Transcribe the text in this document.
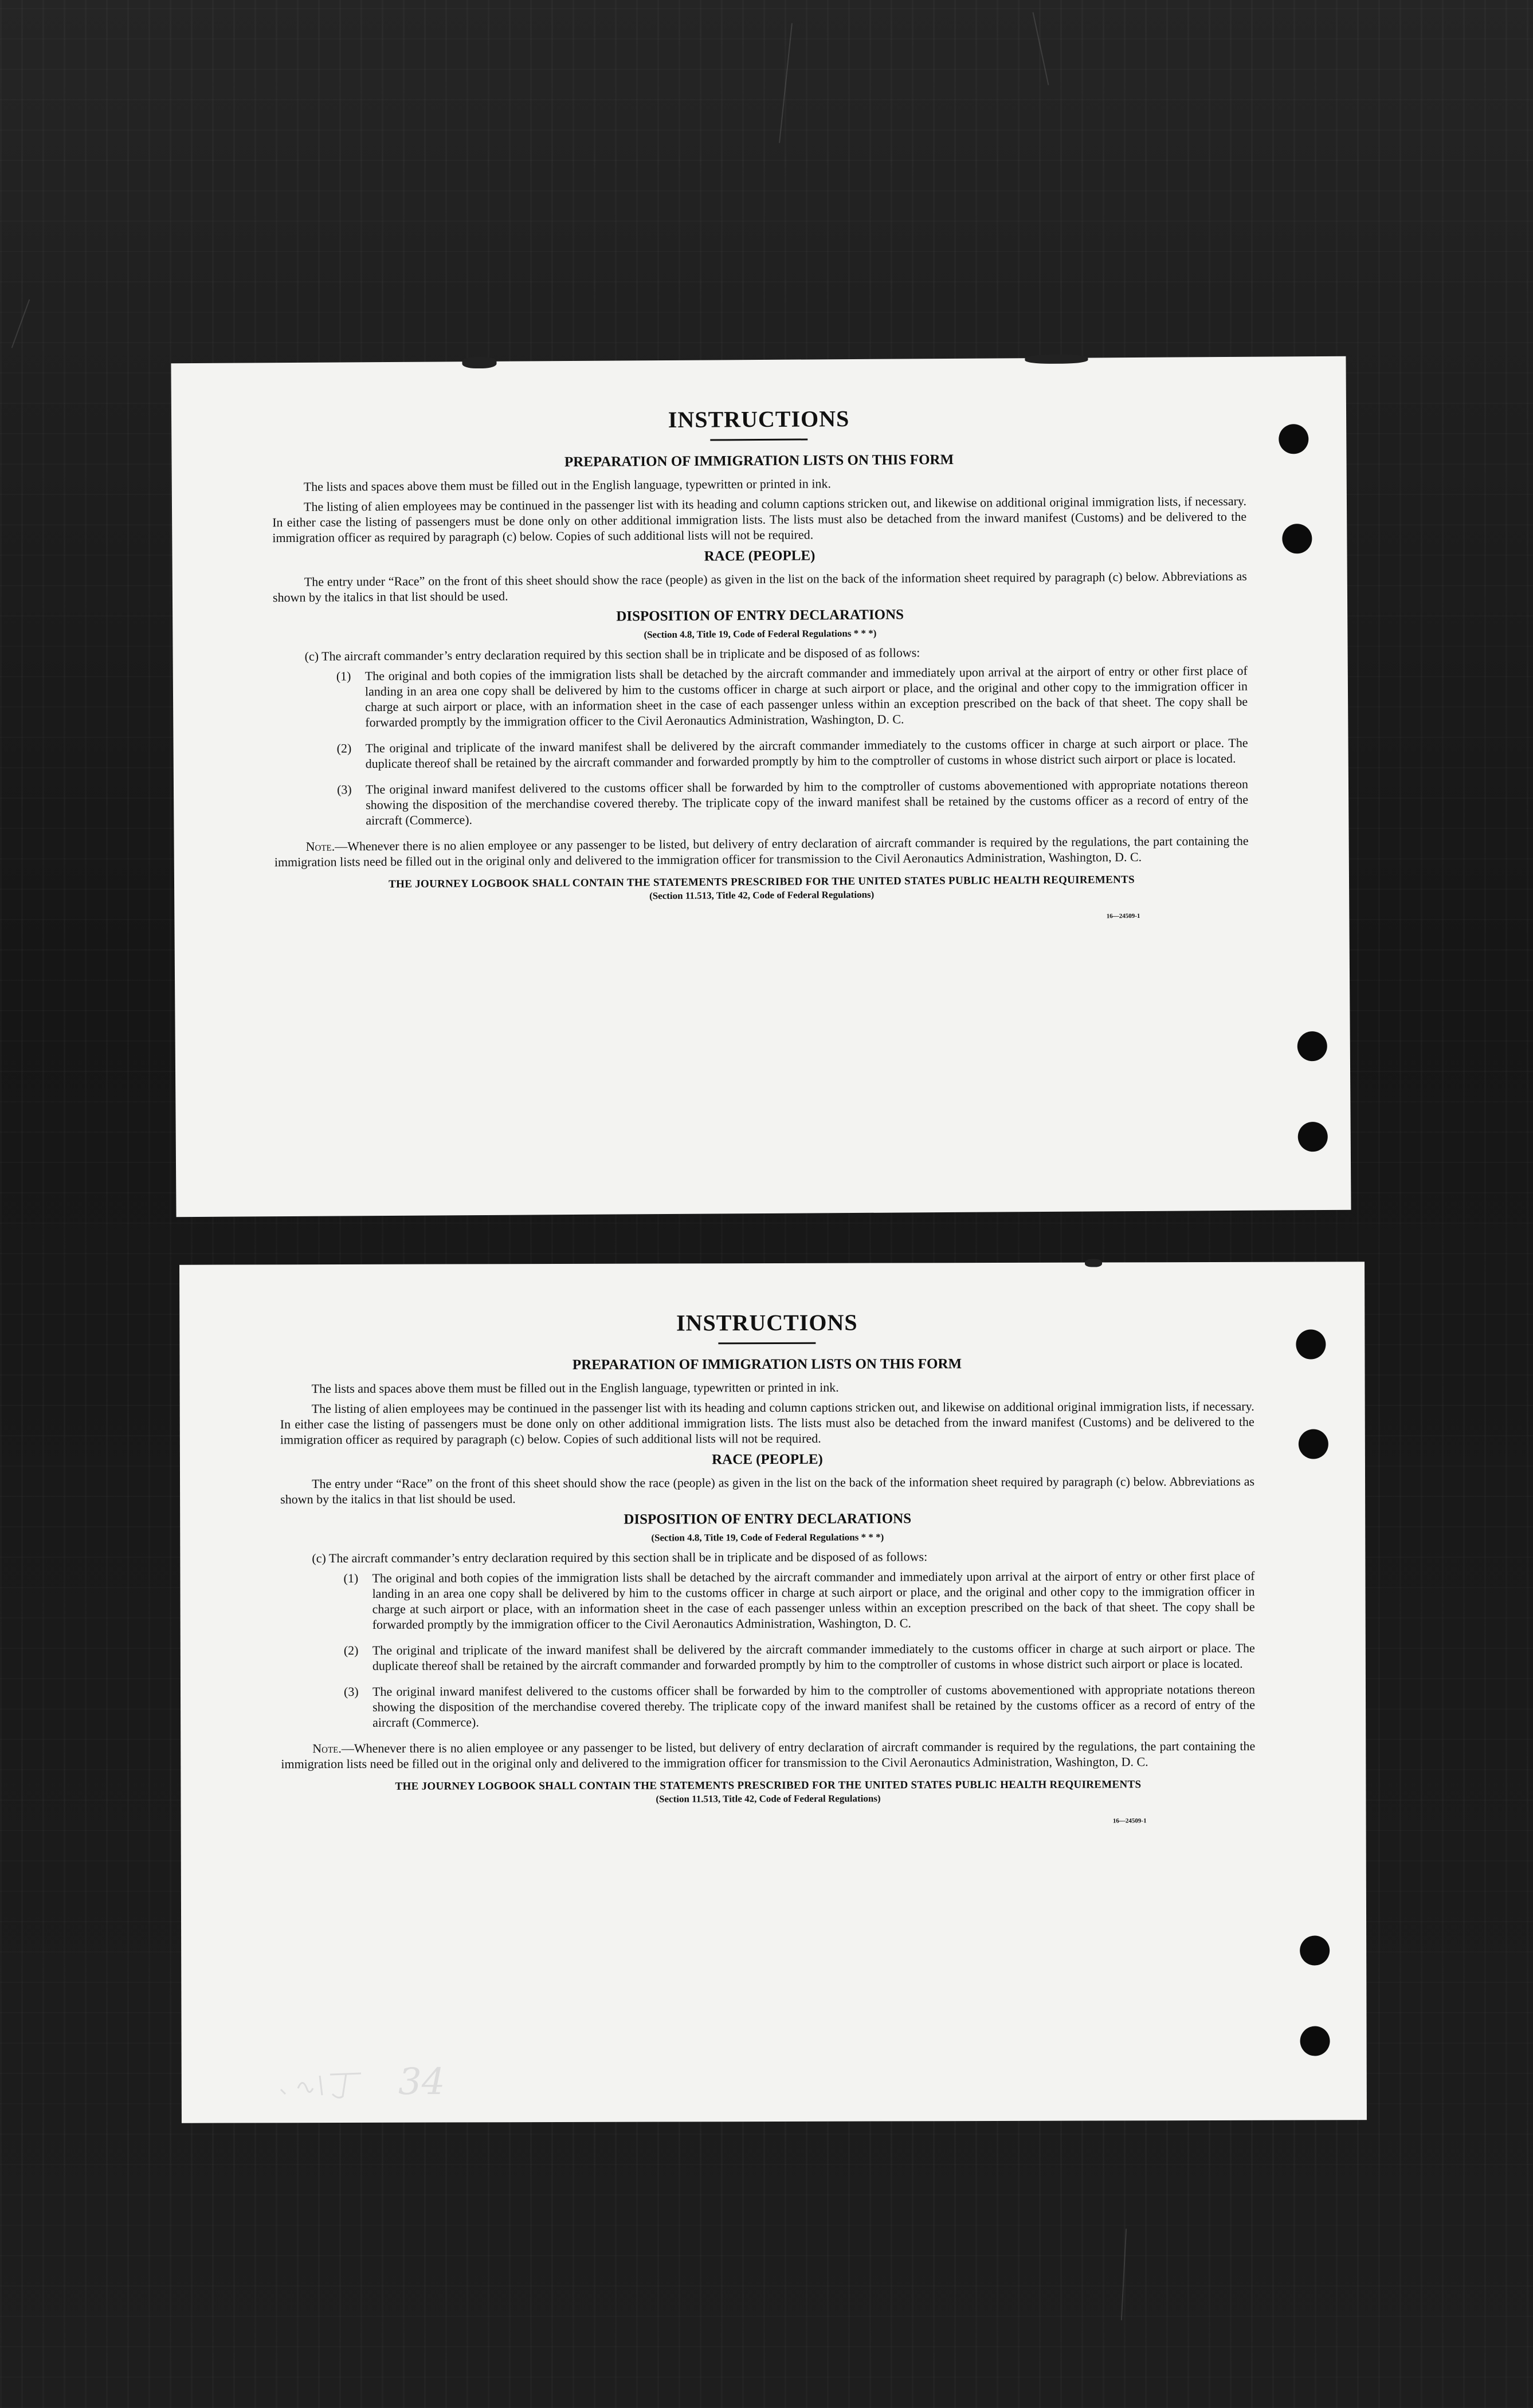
INSTRUCTIONS
PREPARATION OF IMMIGRATION LISTS ON THIS FORM

The lists and spaces above them must be filled out in the English language, typewritten or printed in ink.

The listing of alien employees may be continued in the passenger list with its heading and column captions stricken out, and likewise on additional original immigration lists, if necessary. In either case the listing of passengers must be done only on other additional immigration lists. The lists must also be detached from the inward manifest (Customs) and be delivered to the immigration officer as required by paragraph (c) below. Copies of such additional lists will not be required.

RACE (PEOPLE)

The entry under “Race” on the front of this sheet should show the race (people) as given in the list on the back of the information sheet required by paragraph (c) below. Abbreviations as shown by the italics in that list should be used.

DISPOSITION OF ENTRY DECLARATIONS
(Section 4.8, Title 19, Code of Federal Regulations * * *)

(c) The aircraft commander’s entry declaration required by this section shall be in triplicate and be disposed of as follows:

(1) The original and both copies of the immigration lists shall be detached by the aircraft commander and immediately upon arrival at the airport of entry or other first place of landing in an area one copy shall be delivered by him to the customs officer in charge at such airport or place, and the original and other copy to the immigration officer in charge at such airport or place, with an information sheet in the case of each passenger unless within an exception prescribed on the back of that sheet. The copy shall be forwarded promptly by the immigration officer to the Civil Aeronautics Administration, Washington, D. C.

(2) The original and triplicate of the inward manifest shall be delivered by the aircraft commander immediately to the customs officer in charge at such airport or place. The duplicate thereof shall be retained by the aircraft commander and forwarded promptly by him to the comptroller of customs in whose district such airport or place is located.

(3) The original inward manifest delivered to the customs officer shall be forwarded by him to the comptroller of customs abovementioned with appropriate notations thereon showing the disposition of the merchandise covered thereby. The triplicate copy of the inward manifest shall be retained by the customs officer as a record of entry of the aircraft (Commerce).

Note.—Whenever there is no alien employee or any passenger to be listed, but delivery of entry declaration of aircraft commander is required by the regulations, the part containing the immigration lists need be filled out in the original only and delivered to the immigration officer for transmission to the Civil Aeronautics Administration, Washington, D. C.

THE JOURNEY LOGBOOK SHALL CONTAIN THE STATEMENTS PRESCRIBED FOR THE UNITED STATES PUBLIC HEALTH REQUIREMENTS
(Section 11.513, Title 42, Code of Federal Regulations)
16—24509-1
INSTRUCTIONS
PREPARATION OF IMMIGRATION LISTS ON THIS FORM

The lists and spaces above them must be filled out in the English language, typewritten or printed in ink.

The listing of alien employees may be continued in the passenger list with its heading and column captions stricken out, and likewise on additional original immigration lists, if necessary. In either case the listing of passengers must be done only on other additional immigration lists. The lists must also be detached from the inward manifest (Customs) and be delivered to the immigration officer as required by paragraph (c) below. Copies of such additional lists will not be required.

RACE (PEOPLE)

The entry under “Race” on the front of this sheet should show the race (people) as given in the list on the back of the information sheet required by paragraph (c) below. Abbreviations as shown by the italics in that list should be used.

DISPOSITION OF ENTRY DECLARATIONS
(Section 4.8, Title 19, Code of Federal Regulations * * *)

(c) The aircraft commander’s entry declaration required by this section shall be in triplicate and be disposed of as follows:

(1) The original and both copies of the immigration lists shall be detached by the aircraft commander and immediately upon arrival at the airport of entry or other first place of landing in an area one copy shall be delivered by him to the customs officer in charge at such airport or place, and the original and other copy to the immigration officer in charge at such airport or place, with an information sheet in the case of each passenger unless within an exception prescribed on the back of that sheet. The copy shall be forwarded promptly by the immigration officer to the Civil Aeronautics Administration, Washington, D. C.

(2) The original and triplicate of the inward manifest shall be delivered by the aircraft commander immediately to the customs officer in charge at such airport or place. The duplicate thereof shall be retained by the aircraft commander and forwarded promptly by him to the comptroller of customs in whose district such airport or place is located.

(3) The original inward manifest delivered to the customs officer shall be forwarded by him to the comptroller of customs abovementioned with appropriate notations thereon showing the disposition of the merchandise covered thereby. The triplicate copy of the inward manifest shall be retained by the customs officer as a record of entry of the aircraft (Commerce).

Note.—Whenever there is no alien employee or any passenger to be listed, but delivery of entry declaration of aircraft commander is required by the regulations, the part containing the immigration lists need be filled out in the original only and delivered to the immigration officer for transmission to the Civil Aeronautics Administration, Washington, D. C.

THE JOURNEY LOGBOOK SHALL CONTAIN THE STATEMENTS PRESCRIBED FOR THE UNITED STATES PUBLIC HEALTH REQUIREMENTS
(Section 11.513, Title 42, Code of Federal Regulations)
16—24509-1
34
